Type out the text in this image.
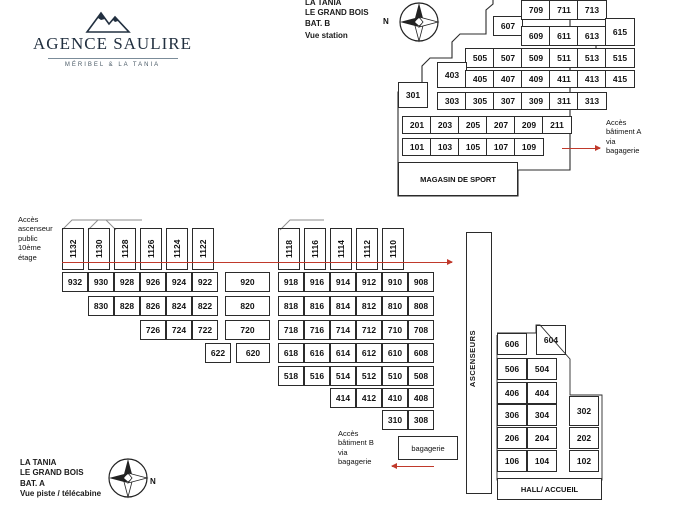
AGENCE SAULIRE
MÉRIBEL & LA TANIA
LA TANIA
LE GRAND BOIS
BAT. B
Vue station
N	607
709	711	713
609	611	613	615
505	507	509	511	513	515
403	405	407	409	411	413	415
301
303	305	307	309	311	313
201	203	205	207	209	211
101	103	105	107	109
MAGASIN DE SPORT
Accès
bâtiment A
via
bagagerie
1132	1130	1128	1126	1124	1122	1118	1116	1114	1112	1110
932	930	928	926	924	922	920	918	916	914	912	910	908
830	828	826	824	822	820	818	816	814	812	810	808
726	724	722	720	718	716	714	712	710	708
622	620	618	616	614	612	610	608
518	516	514	512	510	508
414	412	410	408
310	308
bagagerie
ASCENSEURS	606	604
506	504
406	404
306	304	302
206	204	202
106	104	102
HALL/ ACCUEIL
Accès
ascenseur
public
10ème
étage
Accès
bâtiment B
via
bagagerie
LA TANIA
LE GRAND BOIS
BAT. A
Vue piste / télécabine
N
